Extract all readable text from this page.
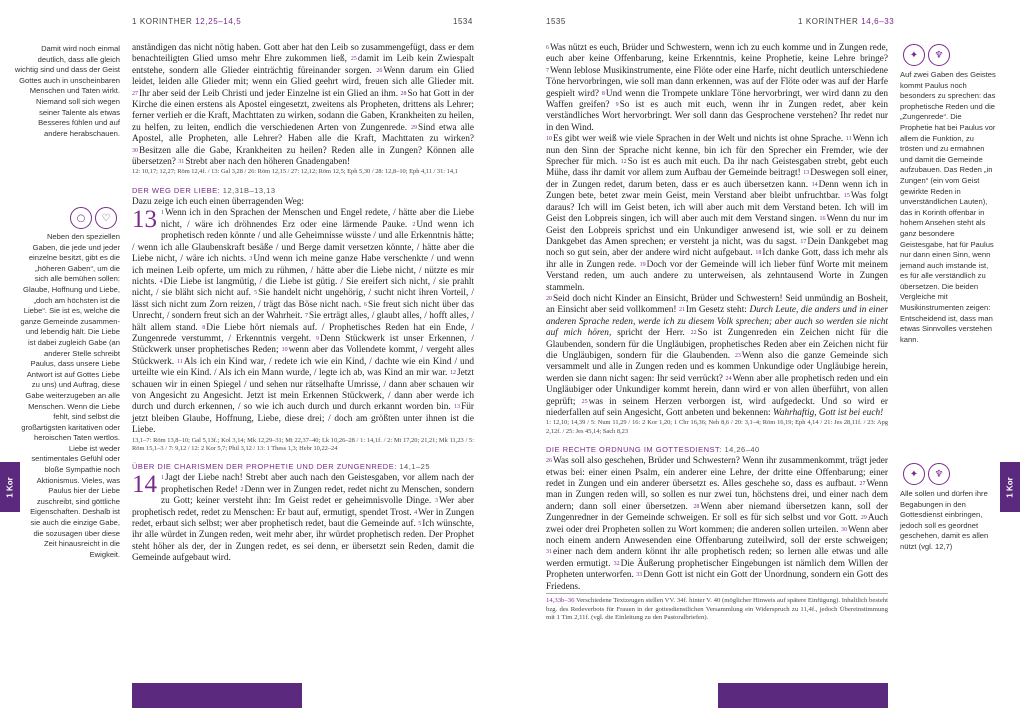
1 KORINTHER 12,25–14,5	1534
Damit wird noch einmal deutlich, dass alle gleich wichtig sind und dass der Geist Gottes auch in unscheinbaren Menschen und Taten wirkt. Niemand soll sich wegen seiner Talente als etwas Besseres fühlen und auf andere herabschauen.
○ ♡
Neben den speziellen Gaben, die jede und jeder einzelne besitzt, gibt es die „höheren Gaben“, um die sich alle bemühen sollen: Glaube, Hoffnung und Liebe, „doch am höchsten ist die Liebe“. Sie ist es, welche die ganze Gemeinde zusammen- und lebendig hält. Die Liebe ist dabei zugleich Gabe (an anderer Stelle schreibt Paulus, dass unsere Liebe Antwort ist auf Gottes Liebe zu uns) und Auftrag, diese Gabe weiterzugeben an alle Menschen. Wenn die Liebe fehlt, sind selbst die großartigsten karitativen oder heroischen Taten wertlos. Liebe ist weder sentimentales Gefühl oder bloße Sympathie noch Aktionismus. Vieles, was Paulus hier der Liebe zuschreibt, sind göttliche Eigenschaften. Deshalb ist sie auch die einzige Gabe, die sozusagen über diese Zeit hinausreicht in die Ewigkeit.
1 Kor

anständigen das nicht nötig haben. Gott aber hat den Leib so zusammengefügt, dass er dem benachteiligten Glied umso mehr Ehre zukommen ließ, 25damit im Leib kein Zwiespalt entstehe, sondern alle Glieder einträchtig füreinander sorgen. 26Wenn darum ein Glied leidet, leiden alle Glieder mit; wenn ein Glied geehrt wird, freuen sich alle Glieder mit. 27Ihr aber seid der Leib Christi und jeder Einzelne ist ein Glied an ihm. 28So hat Gott in der Kirche die einen erstens als Apostel eingesetzt, zweitens als Propheten, drittens als Lehrer; ferner verlieh er die Kraft, Machttaten zu wirken, sodann die Gaben, Krankheiten zu heilen, zu helfen, zu leiten, endlich die verschiedenen Arten von Zungenrede. 29Sind etwa alle Apostel, alle Propheten, alle Lehrer? Haben alle die Kraft, Machttaten zu wirken? 30Besitzen alle die Gabe, Krankheiten zu heilen? Reden alle in Zungen? Können alle übersetzen? 31Strebt aber nach den höheren Gnadengaben!

12: 10,17; 12,27; Röm 12,4f. / 13: Gal 3,28 / 26: Röm 12,15 / 27: 12,12; Röm 12,5; Eph 5,30 / 28: 12,8–10; Eph 4,11 / 31: 14,1

DER WEG DER LIEBE: 12,31B–13,13

Dazu zeige ich euch einen überragenden Weg:

13 1Wenn ich in den Sprachen der Menschen und Engel redete, / hätte aber die Liebe nicht, / wäre ich dröhnendes Erz oder eine lärmende Pauke. 2Und wenn ich prophetisch reden könnte / und alle Geheimnisse wüsste / und alle Erkenntnis hätte; / wenn ich alle Glaubenskraft besäße / und Berge damit versetzen könnte, / hätte aber die Liebe nicht, / wäre ich nichts. 3Und wenn ich meine ganze Habe verschenkte / und wenn ich meinen Leib opferte, um mich zu rühmen, / hätte aber die Liebe nicht, / nützte es mir nichts. 4Die Liebe ist langmütig, / die Liebe ist gütig. / Sie ereifert sich nicht, / sie prahlt nicht, / sie bläht sich nicht auf. 5Sie handelt nicht ungehörig, / sucht nicht ihren Vorteil, / lässt sich nicht zum Zorn reizen, / trägt das Böse nicht nach. 6Sie freut sich nicht über das Unrecht, / sondern freut sich an der Wahrheit. 7Sie erträgt alles, / glaubt alles, / hofft alles, / hält allem stand. 8Die Liebe hört niemals auf. / Prophetisches Reden hat ein Ende, / Zungenrede verstummt, / Erkenntnis vergeht. 9Denn Stückwerk ist unser Erkennen, / Stückwerk unser prophetisches Reden; 10wenn aber das Vollendete kommt, / vergeht alles Stückwerk. 11Als ich ein Kind war, / redete ich wie ein Kind, / dachte wie ein Kind / und urteilte wie ein Kind. / Als ich ein Mann wurde, / legte ich ab, was Kind an mir war. 12Jetzt schauen wir in einen Spiegel / und sehen nur rätselhafte Umrisse, / dann aber schauen wir von Angesicht zu Angesicht. Jetzt ist mein Erkennen Stückwerk, / dann aber werde ich durch und durch erkennen, / so wie ich auch durch und durch erkannt worden bin. 13Für jetzt bleiben Glaube, Hoffnung, Liebe, diese drei; / doch am größten unter ihnen ist die Liebe.

13,1–7: Röm 13,8–10; Gal 5,13f.; Kol 3,14; Mk 12,29–31; Mt 22,37–40; Lk 10,26–28 / 1: 14,1f. / 2: Mt 17,20; 21,21; Mk 11,23 / 5: Röm 15,1–3 / 7: 9,12 / 12: 2 Kor 5,7; Phil 3,12 / 13: 1 Thess 1,3; Hebr 10,22–24

ÜBER DIE CHARISMEN DER PROPHETIE UND DER ZUNGENREDE: 14,1–25

14 1Jagt der Liebe nach! Strebt aber auch nach den Geistesgaben, vor allem nach der prophetischen Rede! 2Denn wer in Zungen redet, redet nicht zu Menschen, sondern zu Gott; keiner versteht ihn: Im Geist redet er geheimnisvolle Dinge. 3Wer aber prophetisch redet, redet zu Menschen: Er baut auf, ermutigt, spendet Trost. 4Wer in Zungen redet, erbaut sich selbst; wer aber prophetisch redet, baut die Gemeinde auf. 5Ich wünschte, ihr alle würdet in Zungen reden, weit mehr aber, ihr würdet prophetisch reden. Der Prophet steht höher als der, der in Zungen redet, es sei denn, er übersetzt sein Reden, damit die Gemeinde aufgebaut wird.

1535	1 KORINTHER 14,6–33
✦ ♆
Auf zwei Gaben des Geistes kommt Paulus noch besonders zu sprechen: das prophetische Reden und die „Zungenrede“. Die Prophetie hat bei Paulus vor allem die Funktion, zu trösten und zu ermahnen und damit die Gemeinde aufzubauen. Das Reden „in Zungen“ (ein vom Geist gewirkte Reden in unverständlichen Lauten), das in Korinth offenbar in hohem Ansehen steht als ganz besondere Geistesgabe, hat für Paulus nur dann einen Sinn, wenn jemand auch imstande ist, es für alle verständlich zu übersetzen. Die beiden Vergleiche mit Musikinstrumenten zeigen: Entscheidend ist, dass man etwas Sinnvolles verstehen kann.
✦ ♆
Alle sollen und dürfen ihre Begabungen in den Gottesdienst einbringen, jedoch soll es geordnet geschehen, damit es allen nützt (vgl. 12,7)
1 Kor

6Was nützt es euch, Brüder und Schwestern, wenn ich zu euch komme und in Zungen rede, euch aber keine Offenbarung, keine Erkenntnis, keine Prophetie, keine Lehre bringe? 7Wenn leblose Musikinstrumente, eine Flöte oder eine Harfe, nicht deutlich unterschiedene Töne hervorbringen, wie soll man dann erkennen, was auf der Flöte oder was auf der Harfe gespielt wird? 8Und wenn die Trompete unklare Töne hervorbringt, wer wird dann zu den Waffen greifen? 9So ist es auch mit euch, wenn ihr in Zungen redet, aber kein verständliches Wort hervorbringt. Wer soll dann das Gesprochene verstehen? Ihr redet nur in den Wind.

10Es gibt wer weiß wie viele Sprachen in der Welt und nichts ist ohne Sprache. 11Wenn ich nun den Sinn der Sprache nicht kenne, bin ich für den Sprecher ein Fremder, wie der Sprecher für mich. 12So ist es auch mit euch. Da ihr nach Geistesgaben strebt, gebt euch Mühe, dass ihr damit vor allem zum Aufbau der Gemeinde beitragt! 13Deswegen soll einer, der in Zungen redet, darum beten, dass er es auch übersetzen kann. 14Denn wenn ich in Zungen bete, betet zwar mein Geist, mein Verstand aber bleibt unfruchtbar. 15Was folgt daraus? Ich will im Geist beten, ich will aber auch mit dem Verstand beten. Ich will im Geist den Lobpreis singen, ich will aber auch mit dem Verstand singen. 16Wenn du nur im Geist den Lobpreis sprichst und ein Unkundiger anwesend ist, wie soll er zu deinem Dankgebet das Amen sprechen; er versteht ja nicht, was du sagst. 17Dein Dankgebet mag noch so gut sein, aber der andere wird nicht aufgebaut. 18Ich danke Gott, dass ich mehr als ihr alle in Zungen rede. 19Doch vor der Gemeinde will ich lieber fünf Worte mit meinem Verstand reden, um auch andere zu unterweisen, als zehntausend Worte in Zungen stammeln.

20Seid doch nicht Kinder an Einsicht, Brüder und Schwestern! Seid unmündig an Bosheit, an Einsicht aber seid vollkommen! 21Im Gesetz steht: Durch Leute, die anders und in einer anderen Sprache reden, werde ich zu diesem Volk sprechen; aber auch so werden sie nicht auf mich hören, spricht der Herr. 22So ist Zungenreden ein Zeichen nicht für die Glaubenden, sondern für die Ungläubigen, prophetisches Reden aber ein Zeichen nicht für die Ungläubigen, sondern für die Glaubenden. 23Wenn also die ganze Gemeinde sich versammelt und alle in Zungen reden und es kommen Unkundige oder Ungläubige herein, werden sie dann nicht sagen: Ihr seid verrückt? 24Wenn aber alle prophetisch reden und ein Ungläubiger oder Unkundiger kommt herein, dann wird er von allen überführt, von allen geprüft; 25was in seinem Herzen verborgen ist, wird aufgedeckt. Und so wird er niederfallen auf sein Angesicht, Gott anbeten und bekennen: Wahrhaftig, Gott ist bei euch!

1: 12,10; 14,39 / 5: Num 11,29 / 16: 2 Kor 1,20; 1 Chr 16,36; Neh 8,6 / 20: 3,1–4; Röm 16,19; Eph 4,14 / 21: Jes 28,11f. / 23: Apg 2,12f. / 25: Jes 45,14; Sach 8,23

DIE RECHTE ORDNUNG IM GOTTESDIENST: 14,26–40

26Was soll also geschehen, Brüder und Schwestern? Wenn ihr zusammenkommt, trägt jeder etwas bei: einer einen Psalm, ein anderer eine Lehre, der dritte eine Offenbarung; einer redet in Zungen und ein anderer übersetzt es. Alles geschehe so, dass es aufbaut. 27Wenn man in Zungen reden will, so sollen es nur zwei tun, höchstens drei, und einer nach dem andern; dann soll einer übersetzen. 28Wenn aber niemand übersetzen kann, soll der Zungenredner in der Gemeinde schweigen. Er soll es für sich selbst und vor Gott. 29Auch zwei oder drei Propheten sollen zu Wort kommen; die anderen sollen urteilen. 30Wenn aber noch einem andern Anwesenden eine Offenbarung zuteilwird, soll der erste schweigen; 31einer nach dem andern könnt ihr alle prophetisch reden; so lernen alle etwas und alle werden ermutigt. 32Die Äußerung prophetischer Eingebungen ist nämlich dem Willen der Propheten unterworfen. 33Denn Gott ist nicht ein Gott der Unordnung, sondern ein Gott des Friedens.

14,33b–36 Verschiedene Textzeugen stellen VV. 34f. hinter V. 40 (möglicher Hinweis auf spätere Einfügung). Inhaltlich besteht bzg. des Redeverbots für Frauen in der gottesdienstlichen Versammlung ein Widerspruch zu 11,4f., jedoch Übereinstimmung mit 1 Tim 2,11f. (vgl. die Einleitung zu den Pastoralbriefen).
